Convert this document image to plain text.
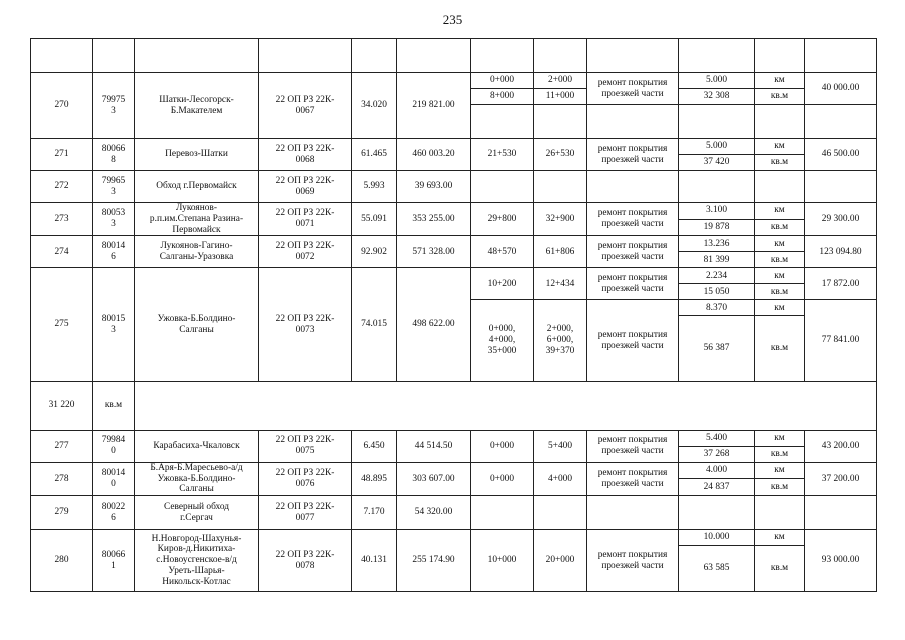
235

270	79975
3	Шатки-Лесогорск-
Б.Макателем	22 ОП РЗ 22К-
0067	34.020	219 821.00	0+000	2+000	ремонт покрытия
проезжей части	5.000	км	40 000.00	
						8+000	11+000		32 308	кв.м		

271	80066
8	Перевоз-Шатки	22 ОП РЗ 22К-
0068	61.465	460 003.20	21+530	26+530	ремонт покрытия
проезжей части	5.000	км	46 500.00	
									37 420	кв.м		
272	79965
3	Обход г.Первомайск	22 ОП РЗ 22К-
0069	5.993	39 693.00							
273	80053
3	Лукоянов-
р.п.им.Степана Разина-
Первомайск	22 ОП РЗ 22К-
0071	55.091	353 255.00	29+800	32+900	ремонт покрытия
проезжей части	3.100	км	29 300.00	
									19 878	кв.м		
274	80014
6	Лукоянов-Гагино-
Салганы-Уразовка	22 ОП РЗ 22К-
0072	92.902	571 328.00	48+570	61+806	ремонт покрытия
проезжей части	13.236	км	123 094.80	
									81 399	кв.м		
275	80015
3	Ужовка-Б.Болдино-
Салганы	22 ОП РЗ 22К-
0073	74.015	498 622.00	10+200	12+434	ремонт покрытия
проезжей части	2.234	км	17 872.00	
									15 050	кв.м		
						0+000,
4+000,
35+000	2+000,
6+000,
39+370	ремонт покрытия
проезжей части	8.370	км	77 841.00	
									56 387	кв.м		

31 220	кв.м											
277	79984
0	Карабасиха-Чкаловск	22 ОП РЗ 22К-
0075	6.450	44 514.50	0+000	5+400	ремонт покрытия
проезжей части	5.400	км	43 200.00	
									37 268	кв.м		
278	80014
0	Б.Аря-Б.Маресьево-а/д
Ужовка-Б.Болдино-
Салганы	22 ОП РЗ 22К-
0076	48.895	303 607.00	0+000	4+000	ремонт покрытия
проезжей части	4.000	км	37 200.00	
									24 837	кв.м		
279	80022
6	Северный обход
г.Сергач	22 ОП РЗ 22К-
0077	7.170	54 320.00							
280	80066
1	Н.Новгород-Шахунья-
Киров-д.Никитиха-
с.Новоусгенское-в/д
Уреть-Шарья-
Никольск-Котлас	22 ОП РЗ 22К-
0078	40.131	255 174.90	10+000	20+000	ремонт покрытия
проезжей части	10.000	км	93 000.00	
									63 585	кв.м		
